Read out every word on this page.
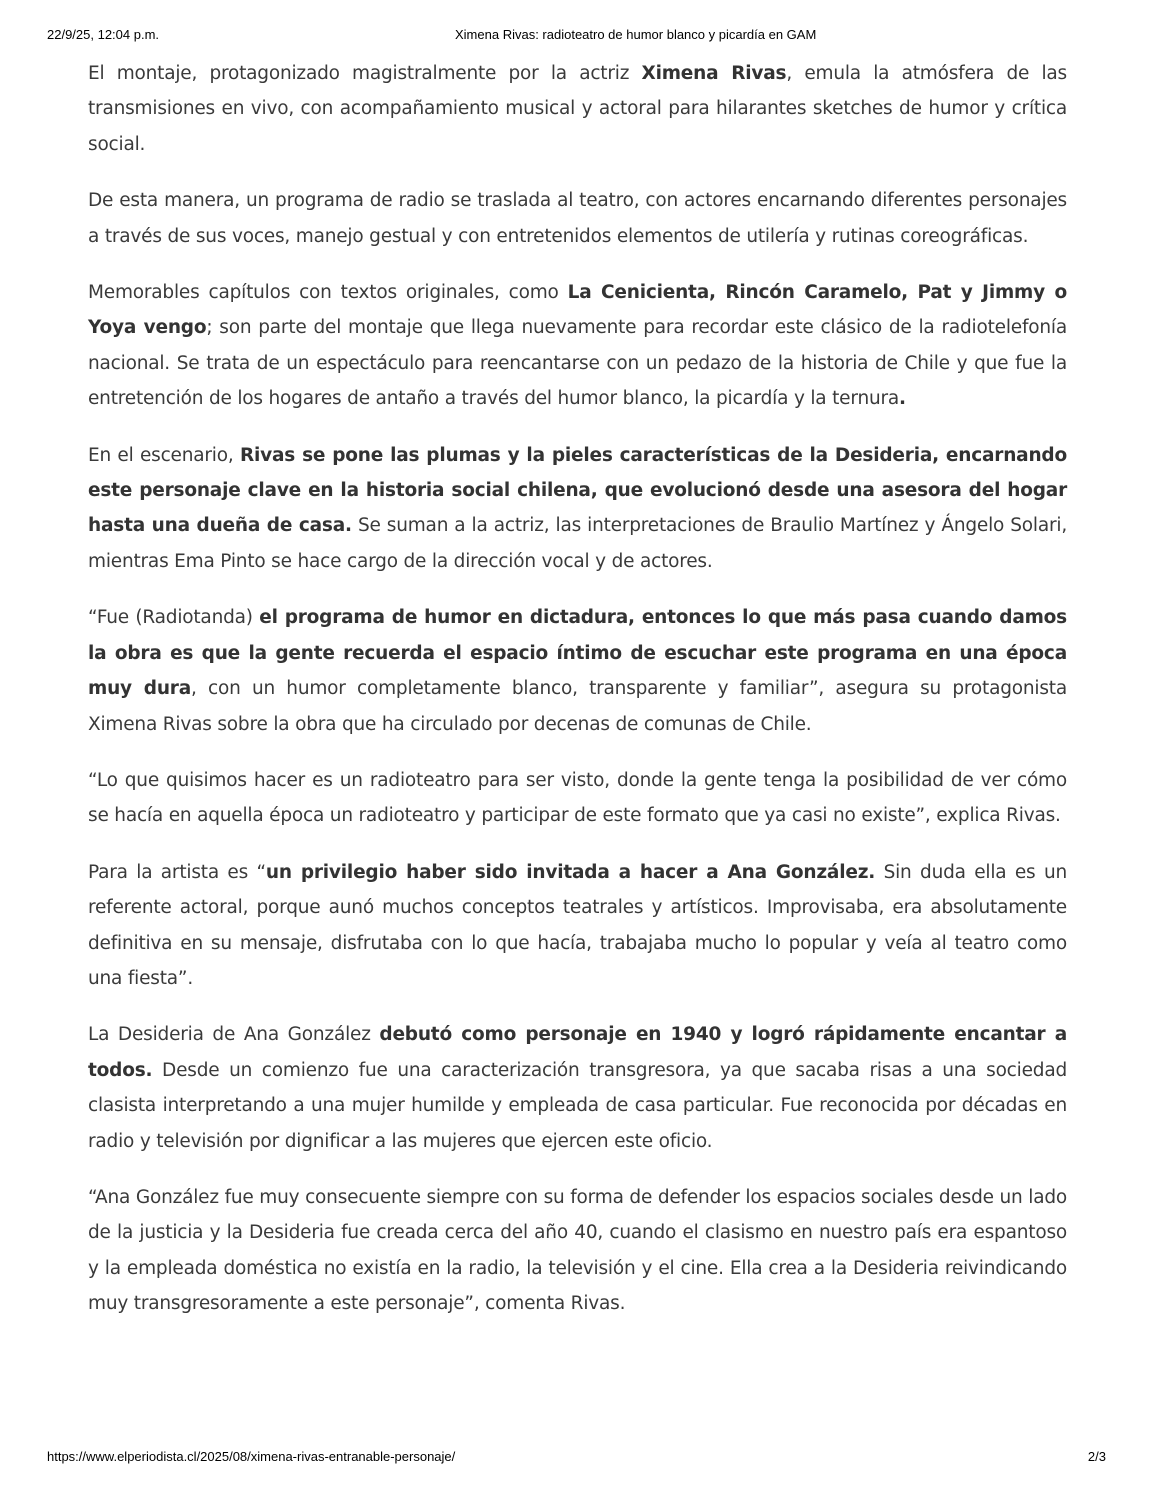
22/9/25, 12:04 p.m.	Ximena Rivas: radioteatro de humor blanco y picardía en GAM

El montaje, protagonizado magistralmente por la actriz Ximena Rivas, emula la atmósfera de las transmisiones en vivo, con acompañamiento musical y actoral para hilarantes sketches de humor y crítica social.

De esta manera, un programa de radio se traslada al teatro, con actores encarnando diferentes personajes a través de sus voces, manejo gestual y con entretenidos elementos de utilería y rutinas coreográficas.

Memorables capítulos con textos originales, como La Cenicienta, Rincón Caramelo, Pat y Jimmy o Yoya vengo; son parte del montaje que llega nuevamente para recordar este clásico de la radiotelefonía nacional. Se trata de un espectáculo para reencantarse con un pedazo de la historia de Chile y que fue la entretención de los hogares de antaño a través del humor blanco, la picardía y la ternura.

En el escenario, Rivas se pone las plumas y la pieles características de la Desideria, encarnando este personaje clave en la historia social chilena, que evolucionó desde una asesora del hogar hasta una dueña de casa. Se suman a la actriz, las interpretaciones de Braulio Martínez y Ángelo Solari, mientras Ema Pinto se hace cargo de la dirección vocal y de actores.

“Fue (Radiotanda) el programa de humor en dictadura, entonces lo que más pasa cuando damos la obra es que la gente recuerda el espacio íntimo de escuchar este programa en una época muy dura, con un humor completamente blanco, transparente y familiar”, asegura su protagonista Ximena Rivas sobre la obra que ha circulado por decenas de comunas de Chile.

“Lo que quisimos hacer es un radioteatro para ser visto, donde la gente tenga la posibilidad de ver cómo se hacía en aquella época un radioteatro y participar de este formato que ya casi no existe”, explica Rivas.

Para la artista es “un privilegio haber sido invitada a hacer a Ana González. Sin duda ella es un referente actoral, porque aunó muchos conceptos teatrales y artísticos. Improvisaba, era absolutamente definitiva en su mensaje, disfrutaba con lo que hacía, trabajaba mucho lo popular y veía al teatro como una fiesta”.

La Desideria de Ana González debutó como personaje en 1940 y logró rápidamente encantar a todos. Desde un comienzo fue una caracterización transgresora, ya que sacaba risas a una sociedad clasista interpretando a una mujer humilde y empleada de casa particular. Fue reconocida por décadas en radio y televisión por dignificar a las mujeres que ejercen este oficio.

“Ana González fue muy consecuente siempre con su forma de defender los espacios sociales desde un lado de la justicia y la Desideria fue creada cerca del año 40, cuando el clasismo en nuestro país era espantoso y la empleada doméstica no existía en la radio, la televisión y el cine. Ella crea a la Desideria reivindicando muy transgresoramente a este personaje”, comenta Rivas.

https://www.elperiodista.cl/2025/08/ximena-rivas-entranable-personaje/	2/3
